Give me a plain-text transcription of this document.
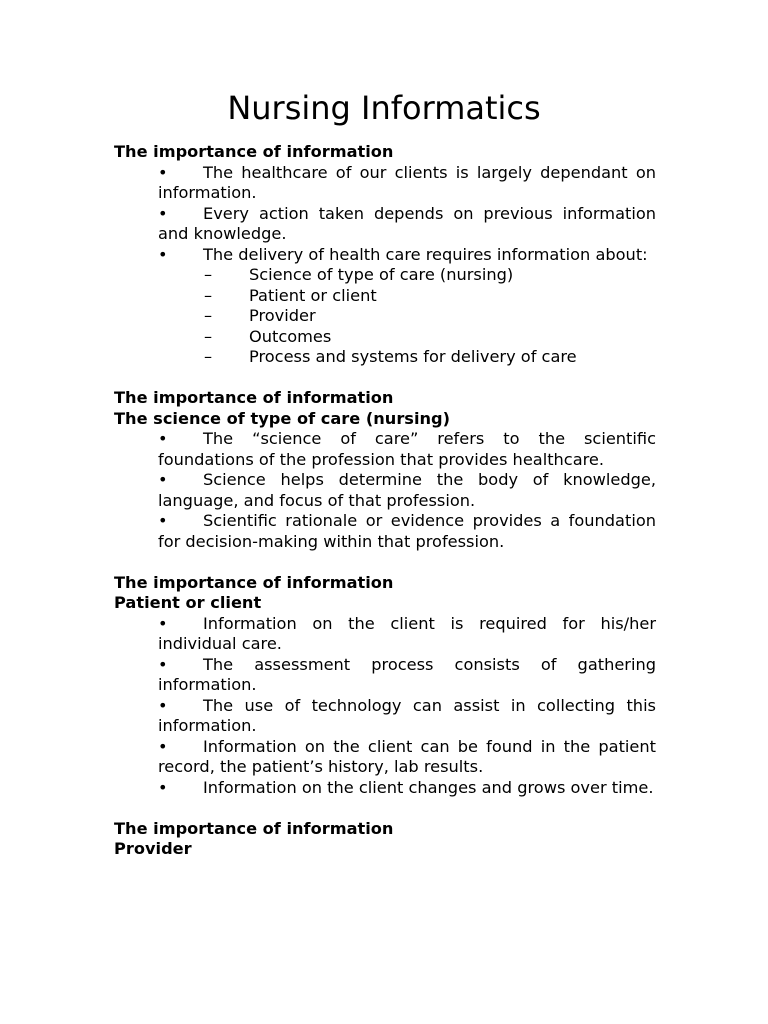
Nursing Informatics

The importance of information

• The healthcare of our clients is largely dependant on information.

• Every action taken depends on previous information and knowledge.

• The delivery of health care requires information about:

– Science of type of care (nursing)

– Patient or client

– Provider

– Outcomes

– Process and systems for delivery of care

The importance of information

The science of type of care (nursing)

• The “science of care” refers to the scientific foundations of the profession that provides healthcare.

• Science helps determine the body of knowledge, language, and focus of that profession.

• Scientific rationale or evidence provides a foundation for decision-making within that profession.

The importance of information

Patient or client

• Information on the client is required for his/her individual care.

• The assessment process consists of gathering information.

• The use of technology can assist in collecting this information.

• Information on the client can be found in the patient record, the patient’s history, lab results.

• Information on the client changes and grows over time.

The importance of information

Provider
